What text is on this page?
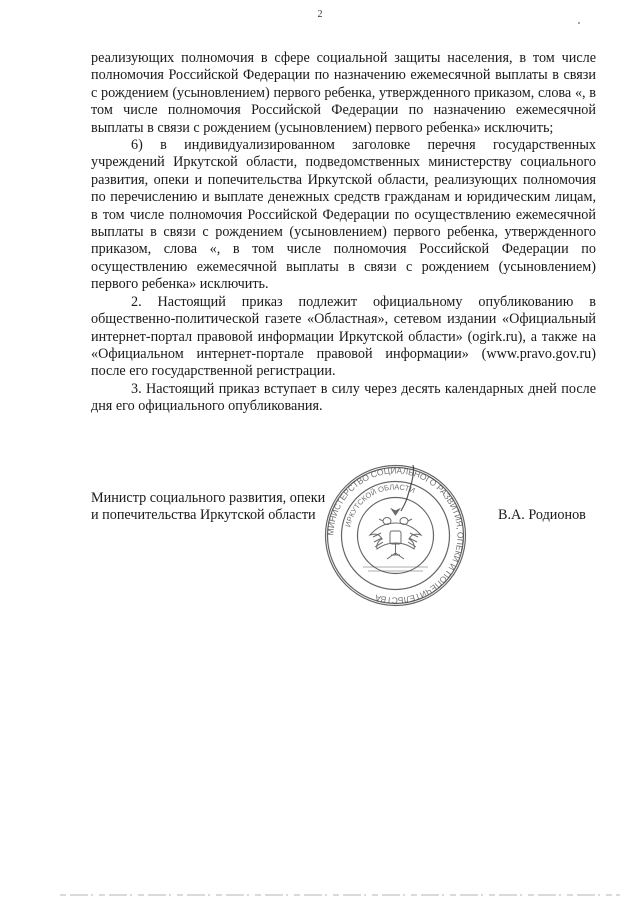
2

реализующих полномочия в сфере социальной защиты населения, в том числе полномочия Российской Федерации по назначению ежемесячной выплаты в связи с рождением (усыновлением) первого ребенка, утвержденного приказом, слова «, в том числе полномочия Российской Федерации по назначению ежемесячной выплаты в связи с рождением (усыновлением) первого ребенка» исключить;

6) в индивидуализированном заголовке перечня государственных учреждений Иркутской области, подведомственных министерству социального развития, опеки и попечительства Иркутской области, реализующих полномочия по перечислению и выплате денежных средств гражданам и юридическим лицам, в том числе полномочия Российской Федерации по осуществлению ежемесячной выплаты в связи с рождением (усыновлением) первого ребенка, утвержденного приказом, слова «, в том числе полномочия Российской Федерации по осуществлению ежемесячной выплаты в связи с рождением (усыновлением) первого ребенка» исключить.

2. Настоящий приказ подлежит официальному опубликованию в общественно-политической газете «Областная», сетевом издании «Официальный интернет-портал правовой информации Иркутской области» (ogirk.ru), а также на «Официальном интернет-портале правовой информации» (www.pravo.gov.ru) после его государственной регистрации.

3. Настоящий приказ вступает в силу через десять календарных дней после дня его официального опубликования.

Министр социального развития, опеки
и попечительства Иркутской области	В.А. Родионов
МИНИСТЕРСТВО СОЦИАЛЬНОГО РАЗВИТИЯ, ОПЕКИ И ПОПЕЧИТЕЛЬСТВА
ИРКУТСКОЙ ОБЛАСТИ
